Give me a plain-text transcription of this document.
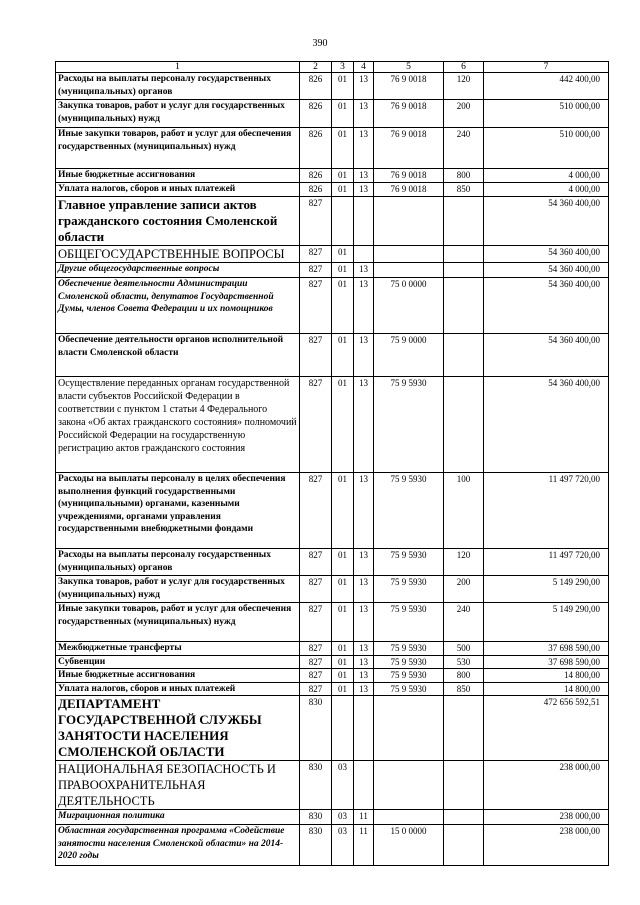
390
1	2	3	4	5	6	7
Расходы на выплаты персоналу государственных (муниципальных) органов	826	01	13	76 9 0018	120	442 400,00
Закупка товаров, работ и услуг для государственных (муниципальных) нужд	826	01	13	76 9 0018	200	510 000,00
Иные закупки товаров, работ и услуг для обеспечения государственных (муниципальных) нужд	826	01	13	76 9 0018	240	510 000,00
Иные бюджетные ассигнования	826	01	13	76 9 0018	800	4 000,00
Уплата налогов, сборов и иных платежей	826	01	13	76 9 0018	850	4 000,00
Главное управление записи актов гражданского состояния Смоленской области	827					54 360 400,00
ОБЩЕГОСУДАРСТВЕННЫЕ ВОПРОСЫ	827	01				54 360 400,00
Другие общегосударственные вопросы	827	01	13			54 360 400,00
Обеспечение деятельности Администрации Смоленской области, депутатов Государственной Думы, членов Совета Федерации и их помощников	827	01	13	75 0 0000		54 360 400,00
Обеспечение деятельности органов исполнительной власти Смоленской области	827	01	13	75 9 0000		54 360 400,00
Осуществление переданных органам государственной власти субъектов Российской Федерации в соответствии с пунктом 1 статьи 4 Федерального закона «Об актах гражданского состояния» полномочий Российской Федерации на государственную регистрацию актов гражданского состояния	827	01	13	75 9 5930		54 360 400,00
Расходы на выплаты персоналу в целях обеспечения выполнения функций государственными (муниципальными) органами, казенными учреждениями, органами управления государственными внебюджетными фондами	827	01	13	75 9 5930	100	11 497 720,00
Расходы на выплаты персоналу государственных (муниципальных) органов	827	01	13	75 9 5930	120	11 497 720,00
Закупка товаров, работ и услуг для государственных (муниципальных) нужд	827	01	13	75 9 5930	200	5 149 290,00
Иные закупки товаров, работ и услуг для обеспечения государственных (муниципальных) нужд	827	01	13	75 9 5930	240	5 149 290,00
Межбюджетные трансферты	827	01	13	75 9 5930	500	37 698 590,00
Субвенции	827	01	13	75 9 5930	530	37 698 590,00
Иные бюджетные ассигнования	827	01	13	75 9 5930	800	14 800,00
Уплата налогов, сборов и иных платежей	827	01	13	75 9 5930	850	14 800,00
ДЕПАРТАМЕНТ ГОСУДАРСТВЕННОЙ СЛУЖБЫ ЗАНЯТОСТИ НАСЕЛЕНИЯ СМОЛЕНСКОЙ ОБЛАСТИ	830					472 656 592,51
НАЦИОНАЛЬНАЯ БЕЗОПАСНОСТЬ И ПРАВООХРАНИТЕЛЬНАЯ ДЕЯТЕЛЬНОСТЬ	830	03				238 000,00
Миграционная политика	830	03	11			238 000,00
Областная государственная программа «Содействие занятости населения Смоленской области» на 2014-2020 годы	830	03	11	15 0 0000		238 000,00
